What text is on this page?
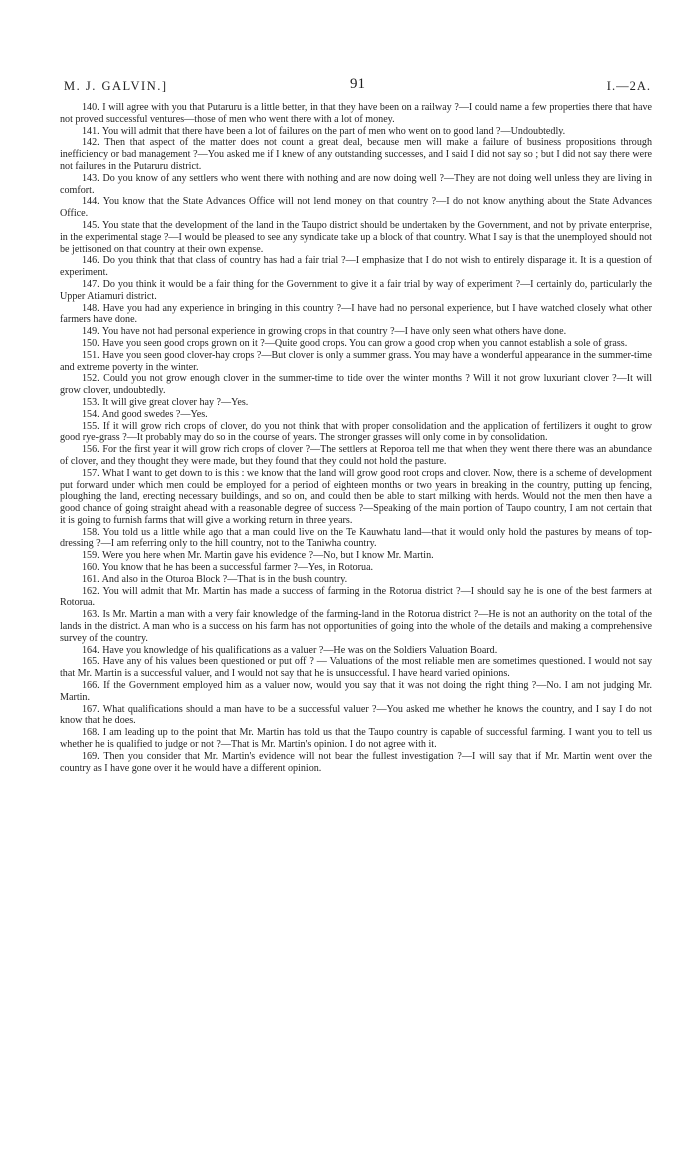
M. J. GALVIN.]	91	I.—2A.

140. I will agree with you that Putaruru is a little better, in that they have been on a railway ?—I could name a few properties there that have not proved successful ventures—those of men who went there with a lot of money.

141. You will admit that there have been a lot of failures on the part of men who went on to good land ?—Undoubtedly.

142. Then that aspect of the matter does not count a great deal, because men will make a failure of business propositions through inefficiency or bad management ?—You asked me if I knew of any outstanding successes, and I said I did not say so ; but I did not say there were not failures in the Putaruru district.

143. Do you know of any settlers who went there with nothing and are now doing well ?—They are not doing well unless they are living in comfort.

144. You know that the State Advances Office will not lend money on that country ?—I do not know anything about the State Advances Office.

145. You state that the development of the land in the Taupo district should be undertaken by the Government, and not by private enterprise, in the experimental stage ?—I would be pleased to see any syndicate take up a block of that country. What I say is that the unemployed should not be jettisoned on that country at their own expense.

146. Do you think that that class of country has had a fair trial ?—I emphasize that I do not wish to entirely disparage it. It is a question of experiment.

147. Do you think it would be a fair thing for the Government to give it a fair trial by way of experiment ?—I certainly do, particularly the Upper Atiamuri district.

148. Have you had any experience in bringing in this country ?—I have had no personal experience, but I have watched closely what other farmers have done.

149. You have not had personal experience in growing crops in that country ?—I have only seen what others have done.

150. Have you seen good crops grown on it ?—Quite good crops. You can grow a good crop when you cannot establish a sole of grass.

151. Have you seen good clover-hay crops ?—But clover is only a summer grass. You may have a wonderful appearance in the summer-time and extreme poverty in the winter.

152. Could you not grow enough clover in the summer-time to tide over the winter months ? Will it not grow luxuriant clover ?—It will grow clover, undoubtedly.

153. It will give great clover hay ?—Yes.

154. And good swedes ?—Yes.

155. If it will grow rich crops of clover, do you not think that with proper consolidation and the application of fertilizers it ought to grow good rye-grass ?—It probably may do so in the course of years. The stronger grasses will only come in by consolidation.

156. For the first year it will grow rich crops of clover ?—The settlers at Reporoa tell me that when they went there there was an abundance of clover, and they thought they were made, but they found that they could not hold the pasture.

157. What I want to get down to is this : we know that the land will grow good root crops and clover. Now, there is a scheme of development put forward under which men could be employed for a period of eighteen months or two years in breaking in the country, putting up fencing, ploughing the land, erecting necessary buildings, and so on, and could then be able to start milking with herds. Would not the men then have a good chance of going straight ahead with a reasonable degree of success ?—Speaking of the main portion of Taupo country, I am not certain that it is going to furnish farms that will give a working return in three years.

158. You told us a little while ago that a man could live on the Te Kauwhatu land—that it would only hold the pastures by means of top-dressing ?—I am referring only to the hill country, not to the Taniwha country.

159. Were you here when Mr. Martin gave his evidence ?—No, but I know Mr. Martin.

160. You know that he has been a successful farmer ?—Yes, in Rotorua.

161. And also in the Oturoa Block ?—That is in the bush country.

162. You will admit that Mr. Martin has made a success of farming in the Rotorua district ?—I should say he is one of the best farmers at Rotorua.

163. Is Mr. Martin a man with a very fair knowledge of the farming-land in the Rotorua district ?—He is not an authority on the total of the lands in the district. A man who is a success on his farm has not opportunities of going into the whole of the details and making a comprehensive survey of the country.

164. Have you knowledge of his qualifications as a valuer ?—He was on the Soldiers Valuation Board.

165. Have any of his values been questioned or put off ? — Valuations of the most reliable men are sometimes questioned. I would not say that Mr. Martin is a successful valuer, and I would not say that he is unsuccessful. I have heard varied opinions.

166. If the Government employed him as a valuer now, would you say that it was not doing the right thing ?—No. I am not judging Mr. Martin.

167. What qualifications should a man have to be a successful valuer ?—You asked me whether he knows the country, and I say I do not know that he does.

168. I am leading up to the point that Mr. Martin has told us that the Taupo country is capable of successful farming. I want you to tell us whether he is qualified to judge or not ?—That is Mr. Martin's opinion. I do not agree with it.

169. Then you consider that Mr. Martin's evidence will not bear the fullest investigation ?—I will say that if Mr. Martin went over the country as I have gone over it he would have a different opinion.
